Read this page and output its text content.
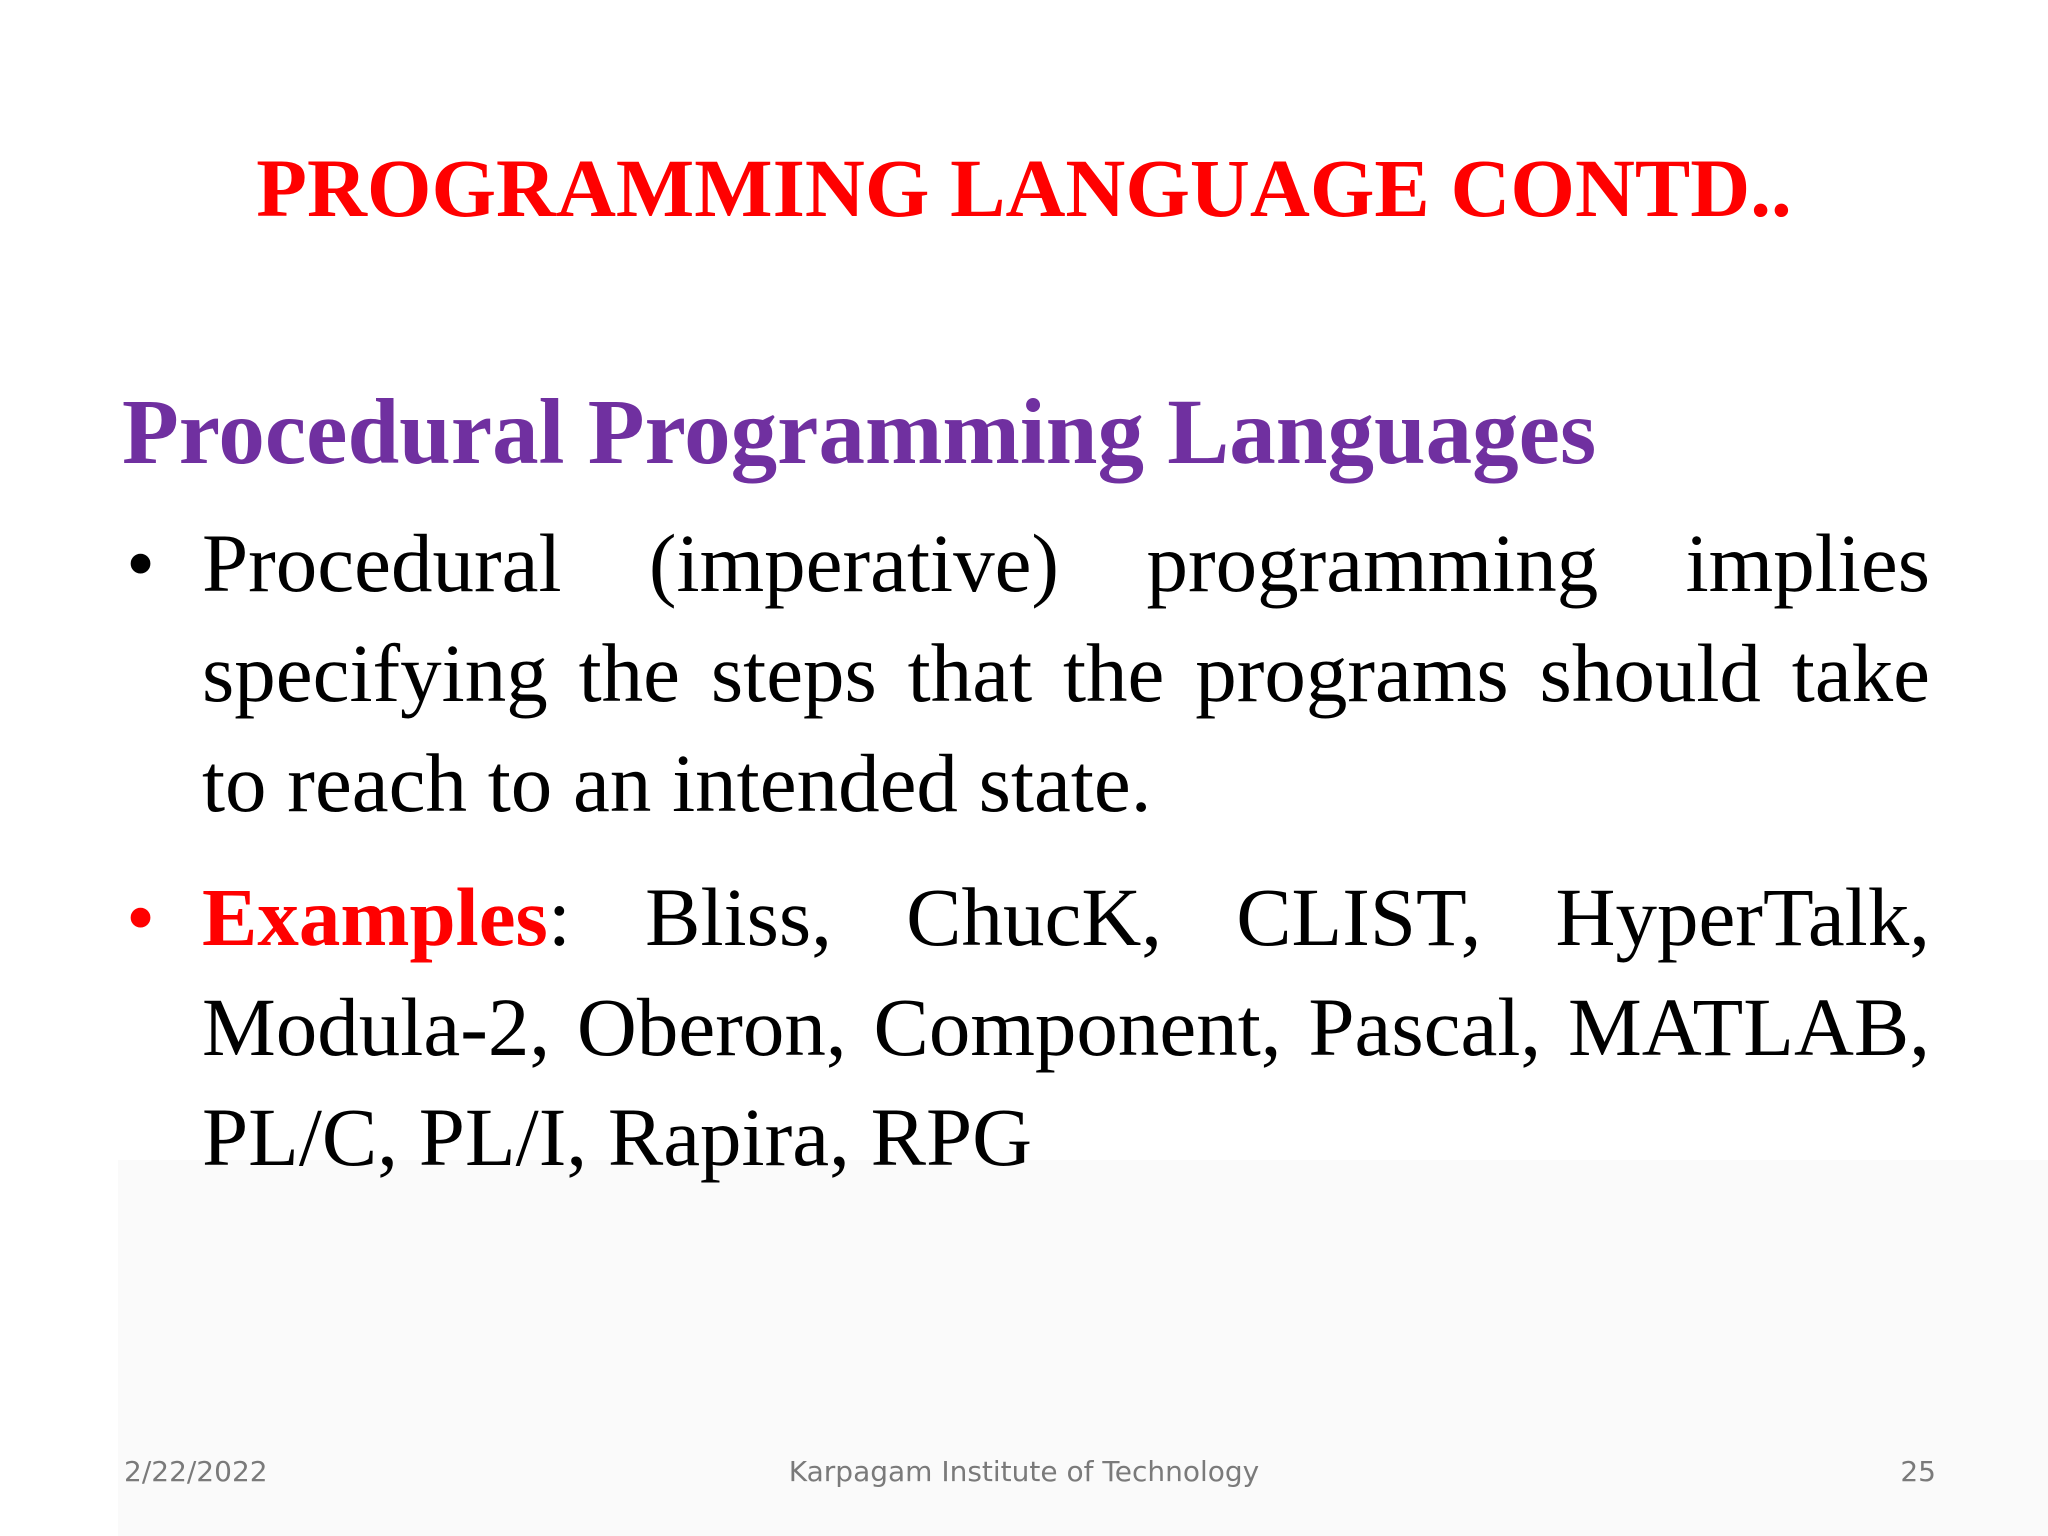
PROGRAMMING LANGUAGE CONTD..
Procedural Programming Languages
• Procedural (imperative) programming implies specifying the steps that the programs should take to reach to an intended state.
• Examples: Bliss, ChucK, CLIST, HyperTalk, Modula-2, Oberon, Component, Pascal, MATLAB, PL/C, PL/I, Rapira, RPG
2/22/2022	Karpagam Institute of Technology	25
